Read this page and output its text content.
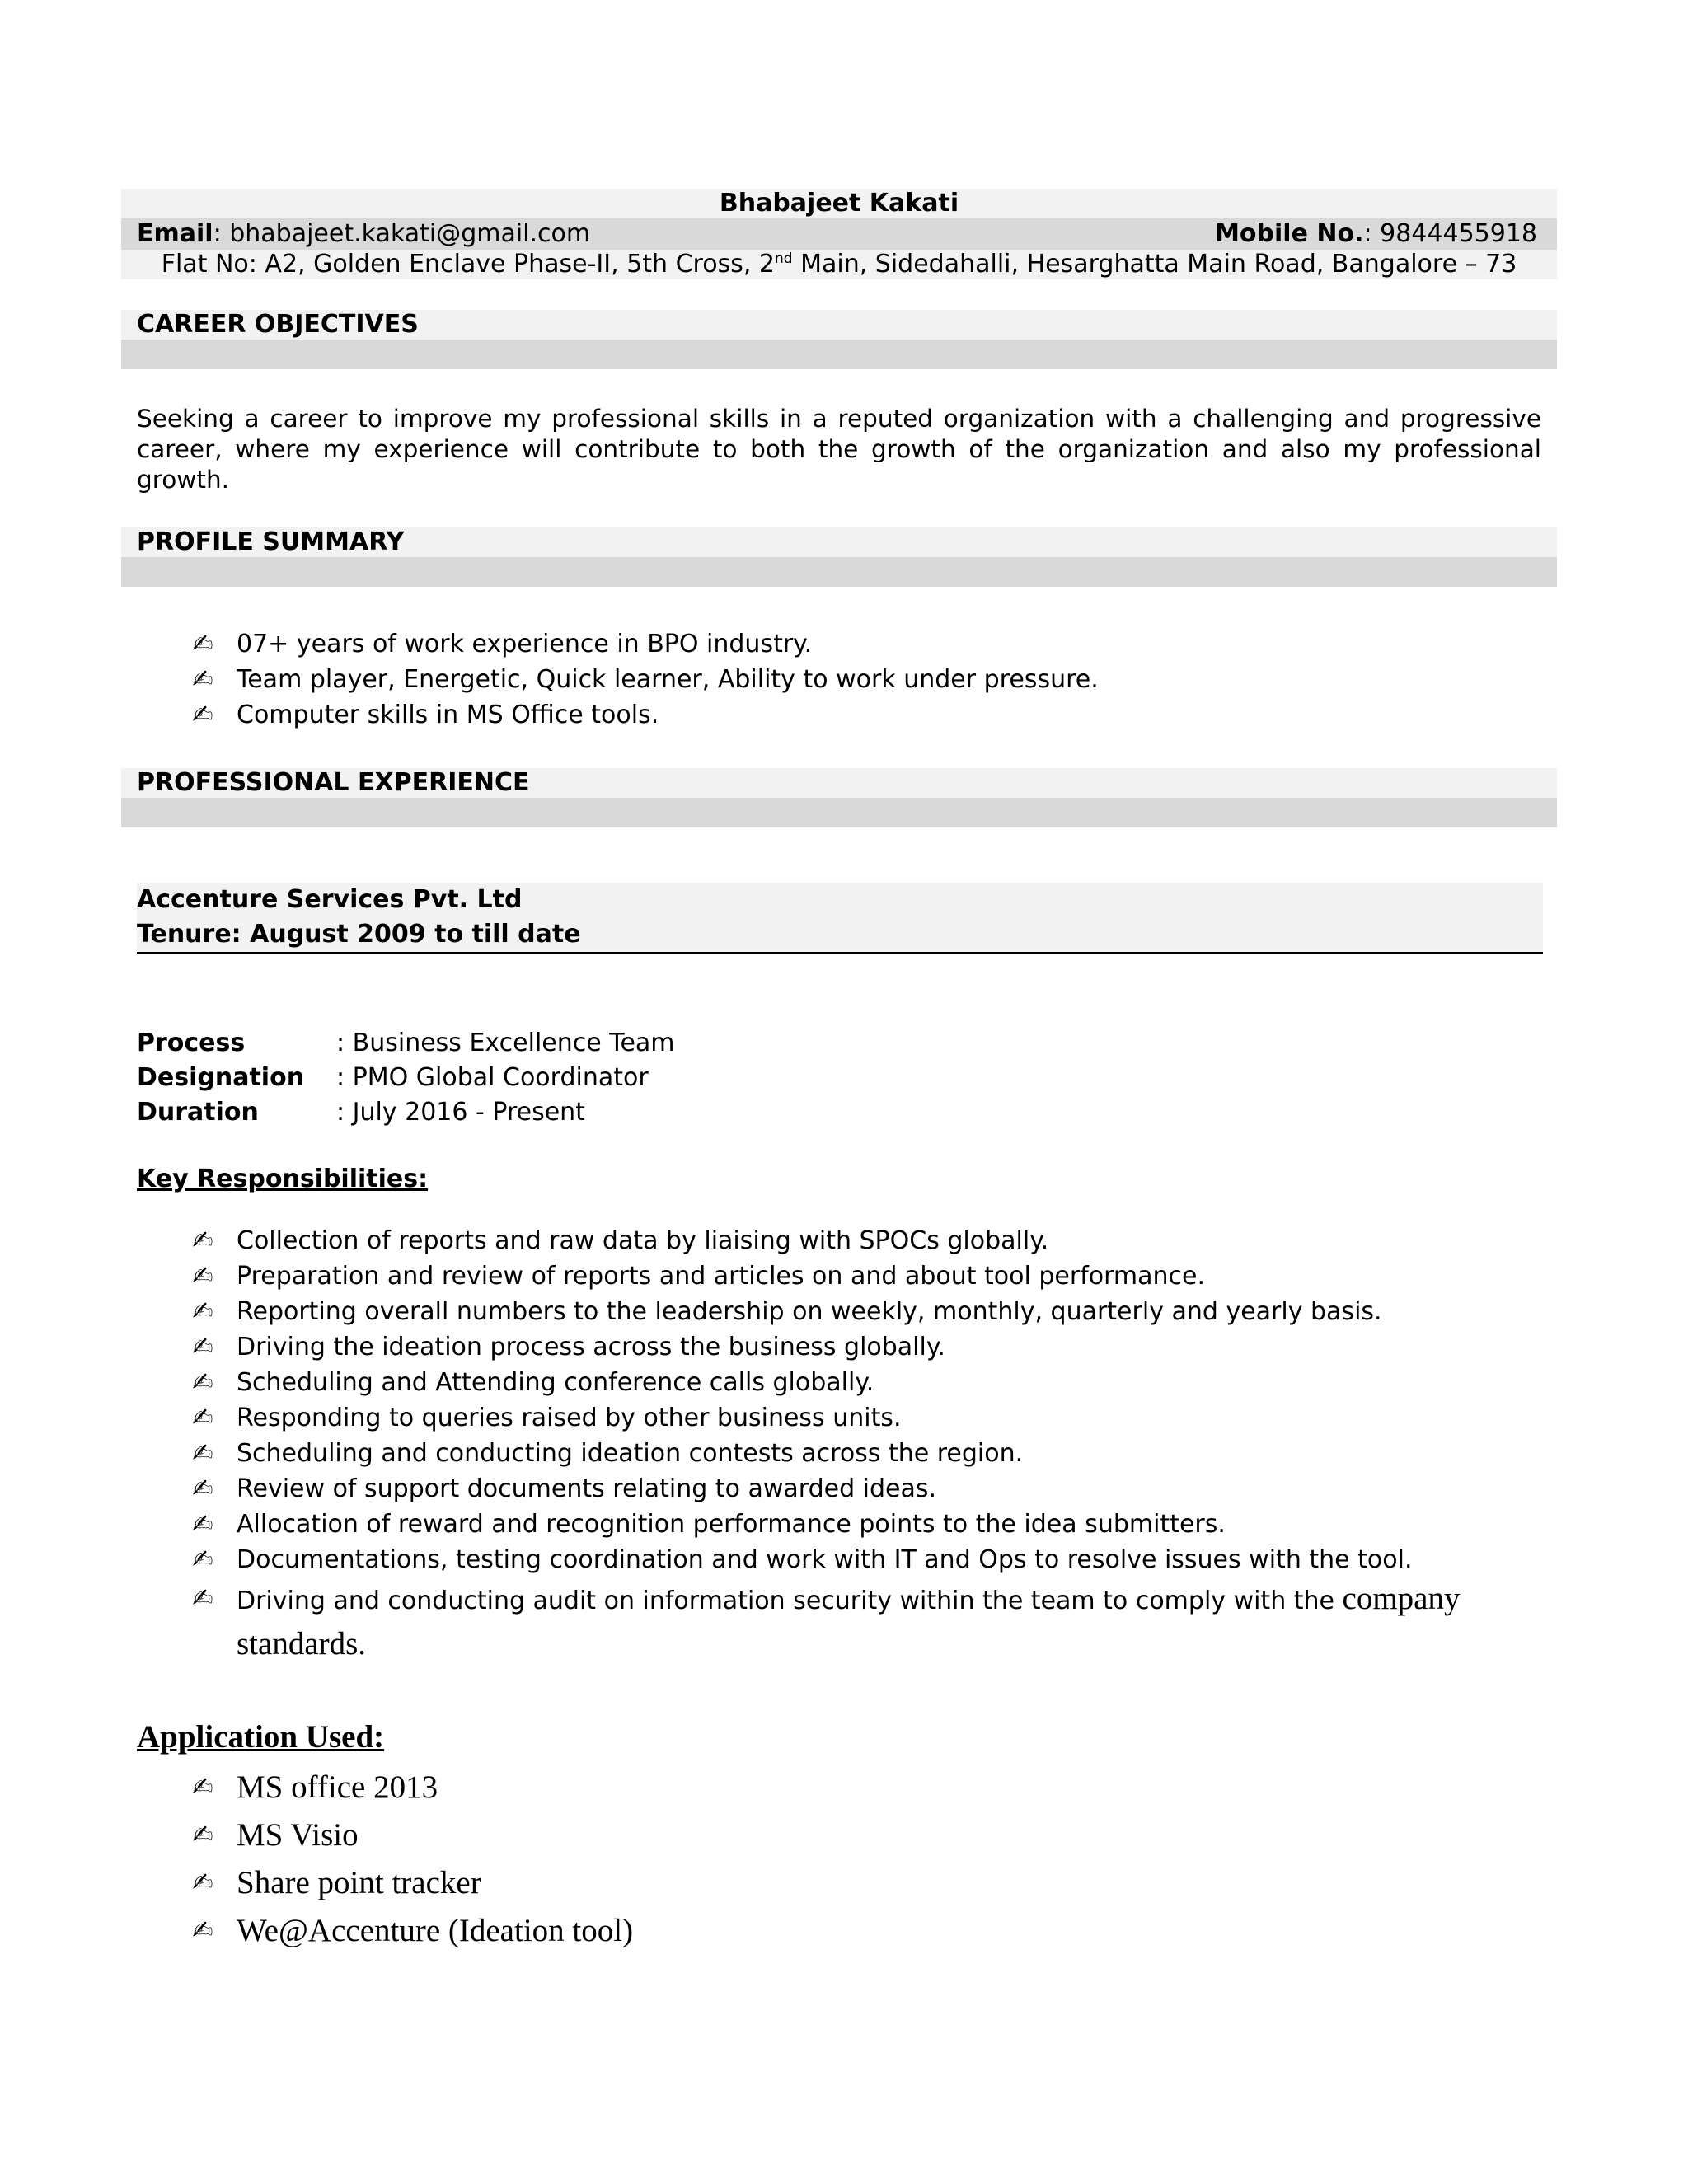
Bhabajeet Kakati
Email: bhabajeet.kakati@gmail.com	Mobile No.: 9844455918
Flat No: A2, Golden Enclave Phase-II, 5th Cross, 2nd Main, Sidedahalli, Hesarghatta Main Road, Bangalore – 73
CAREER OBJECTIVES
Seeking a career to improve my professional skills in a reputed organization with a challenging and progressive career, where my experience will contribute to both the growth of the organization and also my professional growth.
PROFILE SUMMARY
✍ 07+ years of work experience in BPO industry.
✍ Team player, Energetic, Quick learner, Ability to work under pressure.
✍ Computer skills in MS Office tools.
PROFESSIONAL EXPERIENCE
Accenture Services Pvt. Ltd
Tenure: August 2009 to till date
Process	: Business Excellence Team
Designation : PMO Global Coordinator
Duration	: July 2016 - Present
Key Responsibilities:
✍ Collection of reports and raw data by liaising with SPOCs globally.
✍ Preparation and review of reports and articles on and about tool performance.
✍ Reporting overall numbers to the leadership on weekly, monthly, quarterly and yearly basis.
✍ Driving the ideation process across the business globally.
✍ Scheduling and Attending conference calls globally.
✍ Responding to queries raised by other business units.
✍ Scheduling and conducting ideation contests across the region.
✍ Review of support documents relating to awarded ideas.
✍ Allocation of reward and recognition performance points to the idea submitters.
✍ Documentations, testing coordination and work with IT and Ops to resolve issues with the tool.
✍ Driving and conducting audit on information security within the team to comply with the company
standards.
Application Used:
✍ MS office 2013
✍ MS Visio
✍ Share point tracker
✍ We@Accenture (Ideation tool)
